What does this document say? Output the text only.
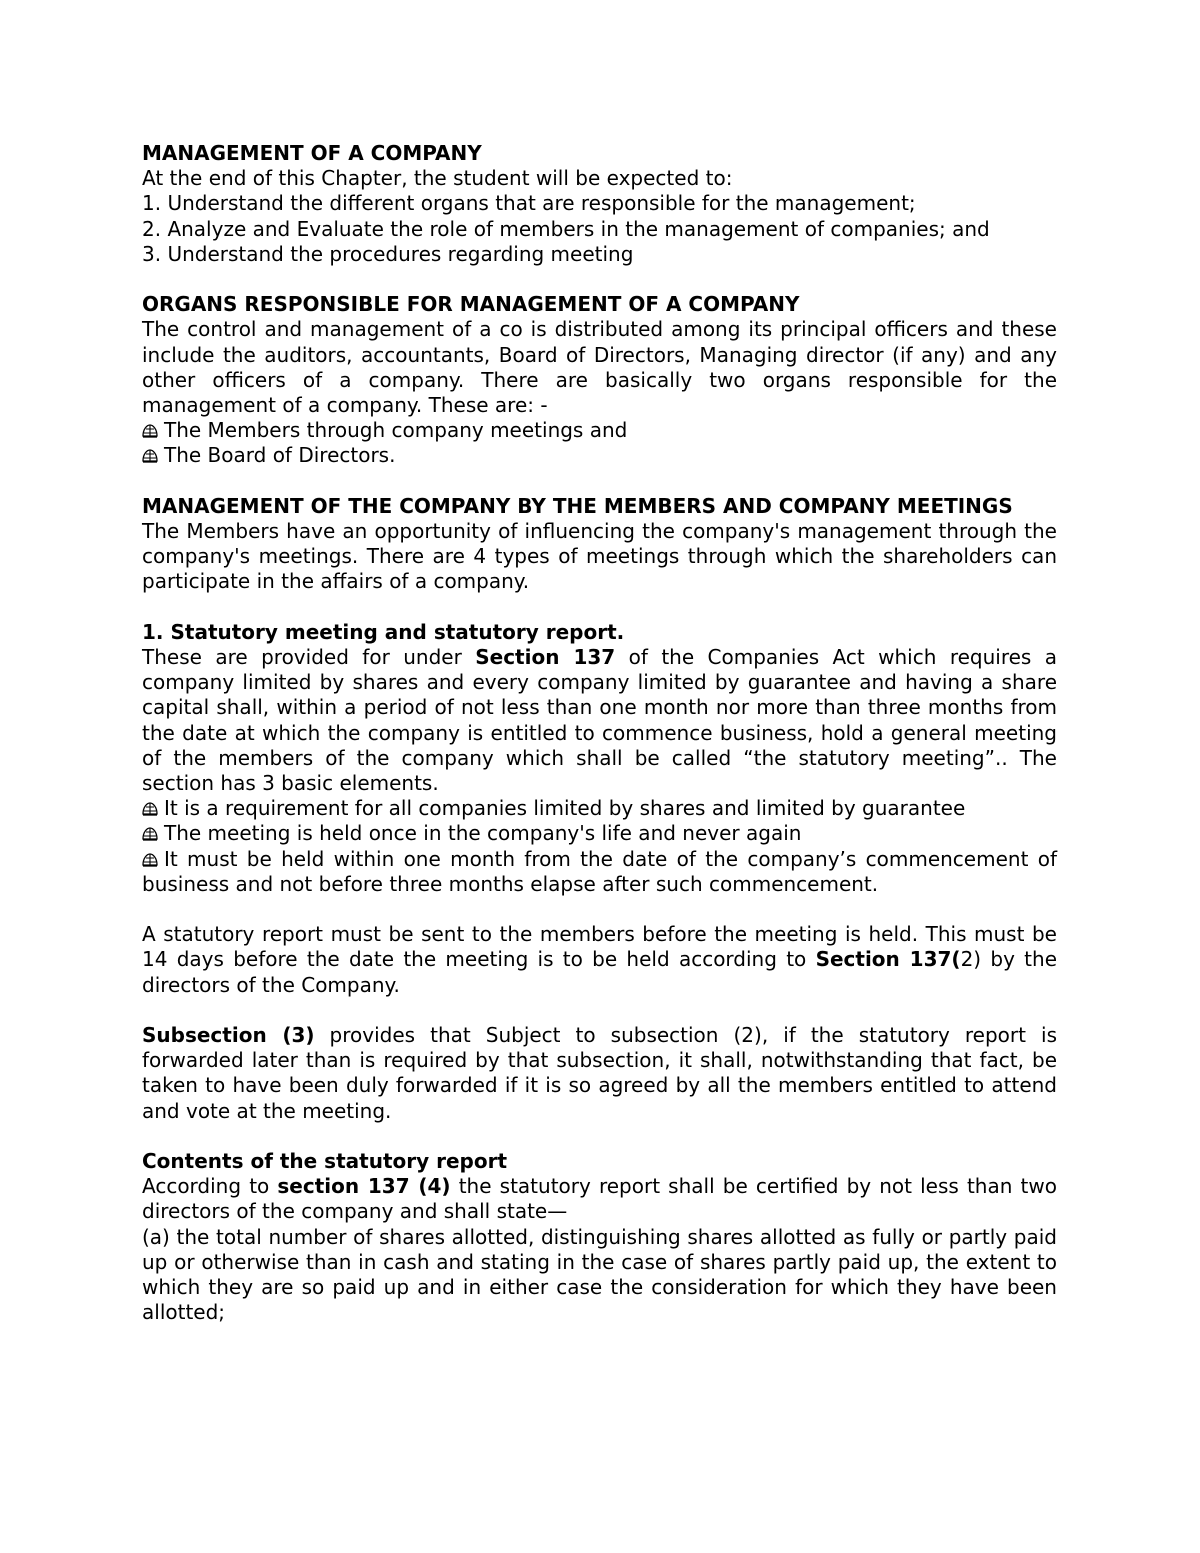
MANAGEMENT OF A COMPANY
At the end of this Chapter, the student will be expected to:
1. Understand the different organs that are responsible for the management;
2. Analyze and Evaluate the role of members in the management of companies; and
3. Understand the procedures regarding meeting
ORGANS RESPONSIBLE FOR MANAGEMENT OF A COMPANY
The control and management of a co is distributed among its principal officers and these include the auditors, accountants, Board of Directors, Managing director (if any) and any other officers of a company. There are basically two organs responsible for the management of a company. These are: -
The Members through company meetings and
The Board of Directors.
MANAGEMENT OF THE COMPANY BY THE MEMBERS AND COMPANY MEETINGS
The Members have an opportunity of influencing the company's management through the company's meetings. There are 4 types of meetings through which the shareholders can participate in the affairs of a company.
1. Statutory meeting and statutory report.
These are provided for under Section 137 of the Companies Act which requires a company limited by shares and every company limited by guarantee and having a share capital shall, within a period of not less than one month nor more than three months from the date at which the company is entitled to commence business, hold a general meeting of the members of the company which shall be called “the statutory meeting”.. The section has 3 basic elements.
It is a requirement for all companies limited by shares and limited by guarantee
The meeting is held once in the company's life and never again
It must be held within one month from the date of the company’s commencement of business and not before three months elapse after such commencement.
A statutory report must be sent to the members before the meeting is held. This must be 14 days before the date the meeting is to be held according to Section 137(2) by the directors of the Company.
Subsection (3) provides that Subject to subsection (2), if the statutory report is forwarded later than is required by that subsection, it shall, notwithstanding that fact, be taken to have been duly forwarded if it is so agreed by all the members entitled to attend and vote at the meeting.
Contents of the statutory report
According to section 137 (4) the statutory report shall be certified by not less than two directors of the company and shall state—
(a) the total number of shares allotted, distinguishing shares allotted as fully or partly paid up or otherwise than in cash and stating in the case of shares partly paid up, the extent to which they are so paid up and in either case the consideration for which they have been allotted;
